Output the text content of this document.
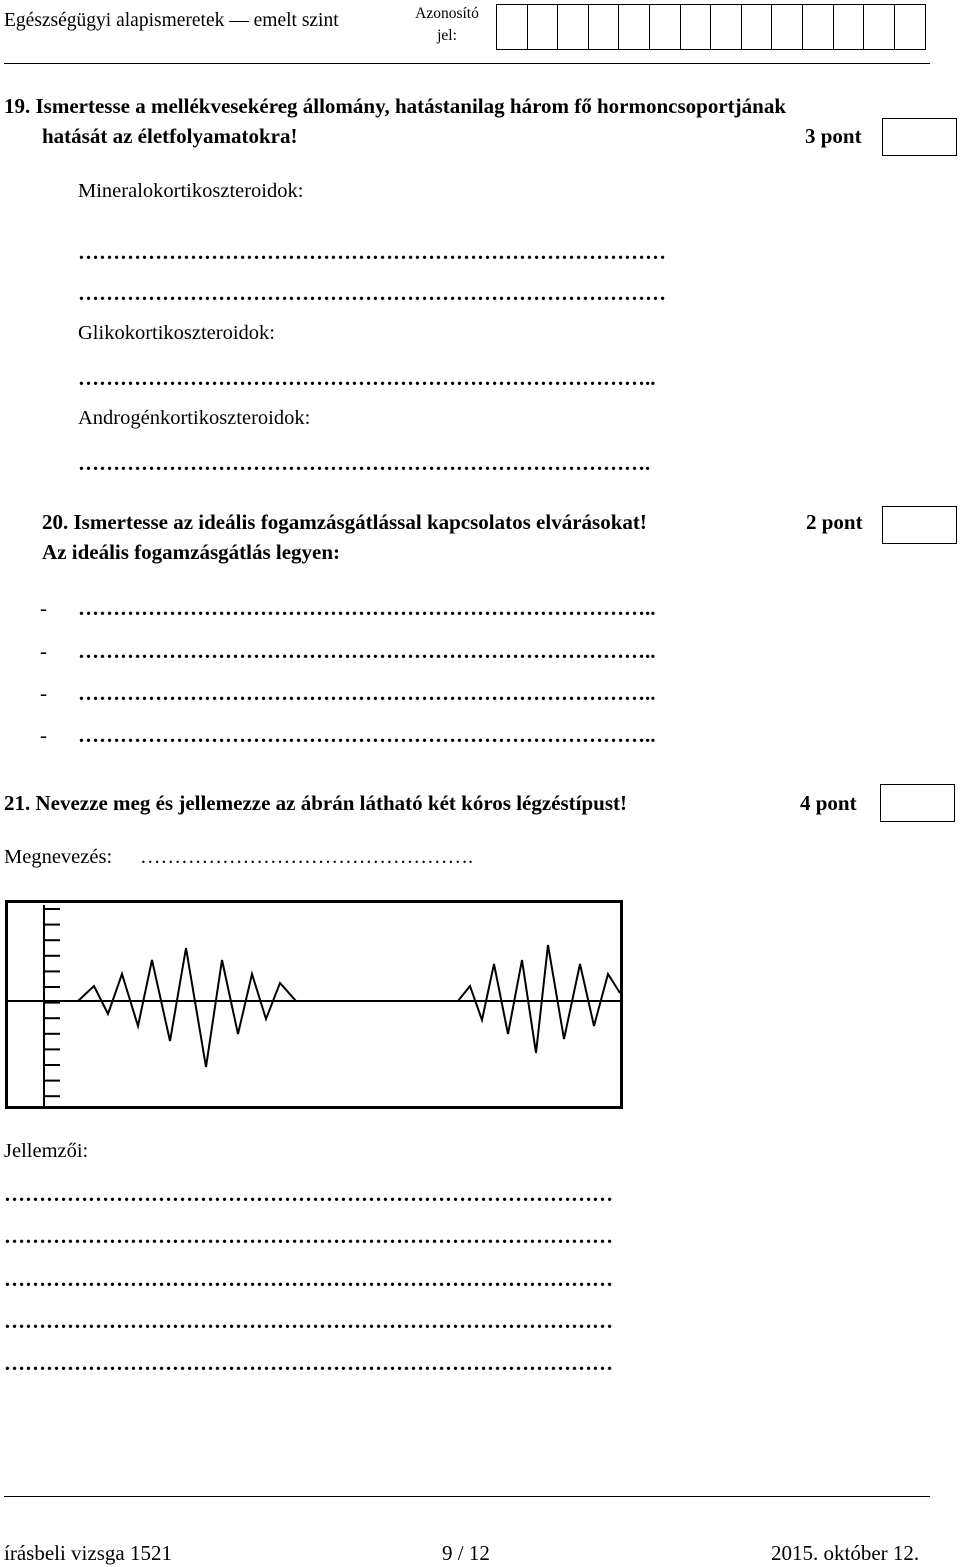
Egészségügyi alapismeretek — emelt szint	Azonosító
jel:
19. Ismertesse a mellékvesekéreg állomány, hatástanilag három fő hormoncsoportjának
hatását az életfolyamatokra!	3 pont
Mineralokortikoszteroidok:
…………………………………………………………………………
…………………………………………………………………………
Glikokortikoszteroidok:
………………………………………………………………………..
Androgénkortikoszteroidok:
……………………………………………………………………….
20. Ismertesse az ideális fogamzásgátlással kapcsolatos elvárásokat!	2 pont
Az ideális fogamzásgátlás legyen:
- ………………………………………………………………………..
- ………………………………………………………………………..
- ………………………………………………………………………..
- ………………………………………………………………………..
21. Nevezze meg és jellemezze az ábrán látható két kóros légzéstípust!	4 pont
Megnevezés: ………………………………………….
Jellemzői:
……………………………………………………………………………
……………………………………………………………………………
……………………………………………………………………………
……………………………………………………………………………
……………………………………………………………………………
írásbeli vizsga 1521	9 / 12	2015. október 12.
